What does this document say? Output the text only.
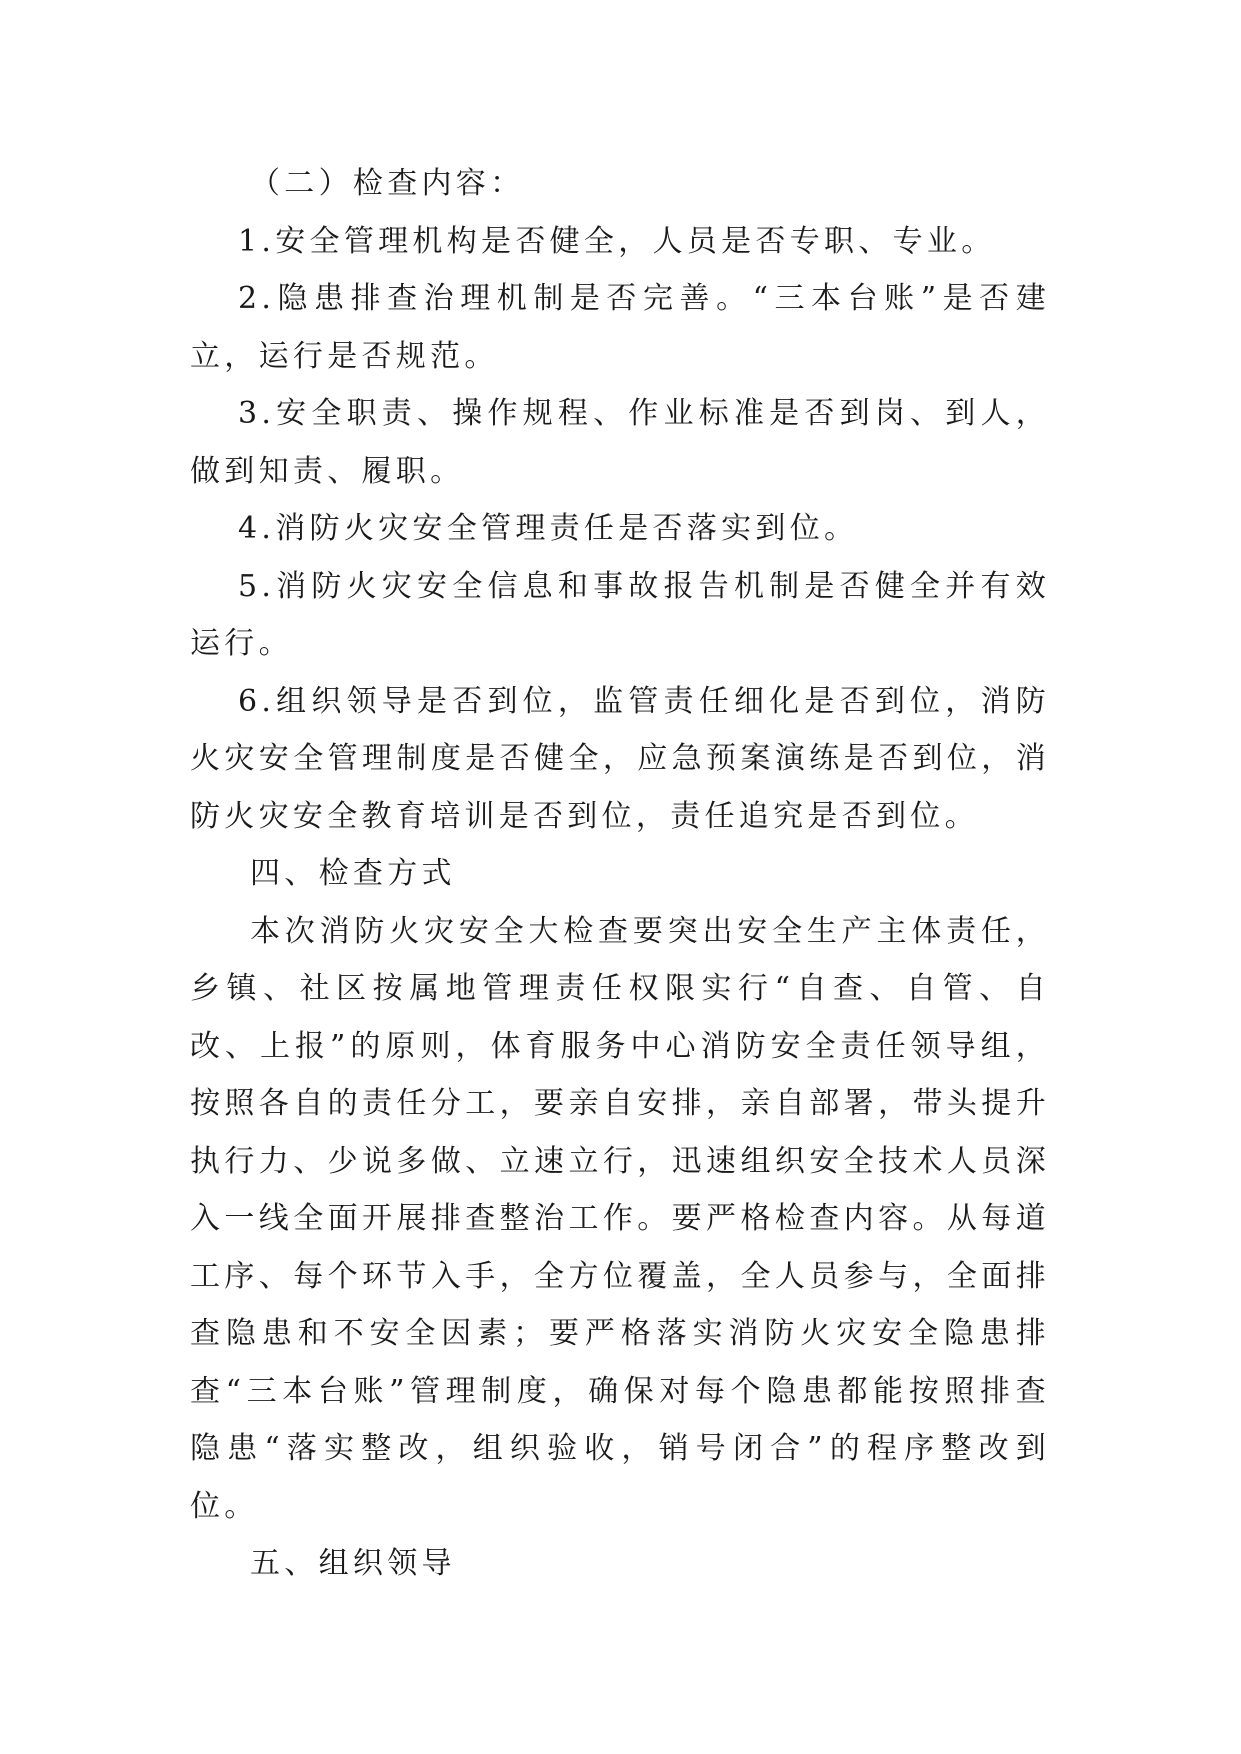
（二）检查内容：

1.安全管理机构是否健全，人员是否专职、专业。

2.隐患排查治理机制是否完善。“三本台账”是否建立，运行是否规范。

3.安全职责、操作规程、作业标准是否到岗、到人，做到知责、履职。

4.消防火灾安全管理责任是否落实到位。

5.消防火灾安全信息和事故报告机制是否健全并有效运行。

6.组织领导是否到位，监管责任细化是否到位，消防火灾安全管理制度是否健全，应急预案演练是否到位，消防火灾安全教育培训是否到位，责任追究是否到位。

四、检查方式

本次消防火灾安全大检查要突出安全生产主体责任，乡镇、社区按属地管理责任权限实行“自查、自管、自改、上报”的原则，体育服务中心消防安全责任领导组，按照各自的责任分工，要亲自安排，亲自部署，带头提升执行力、少说多做、立速立行，迅速组织安全技术人员深入一线全面开展排查整治工作。要严格检查内容。从每道工序、每个环节入手，全方位覆盖，全人员参与，全面排查隐患和不安全因素；要严格落实消防火灾安全隐患排查“三本台账”管理制度，确保对每个隐患都能按照排查隐患“落实整改，组织验收，销号闭合”的程序整改到位。

五、组织领导
